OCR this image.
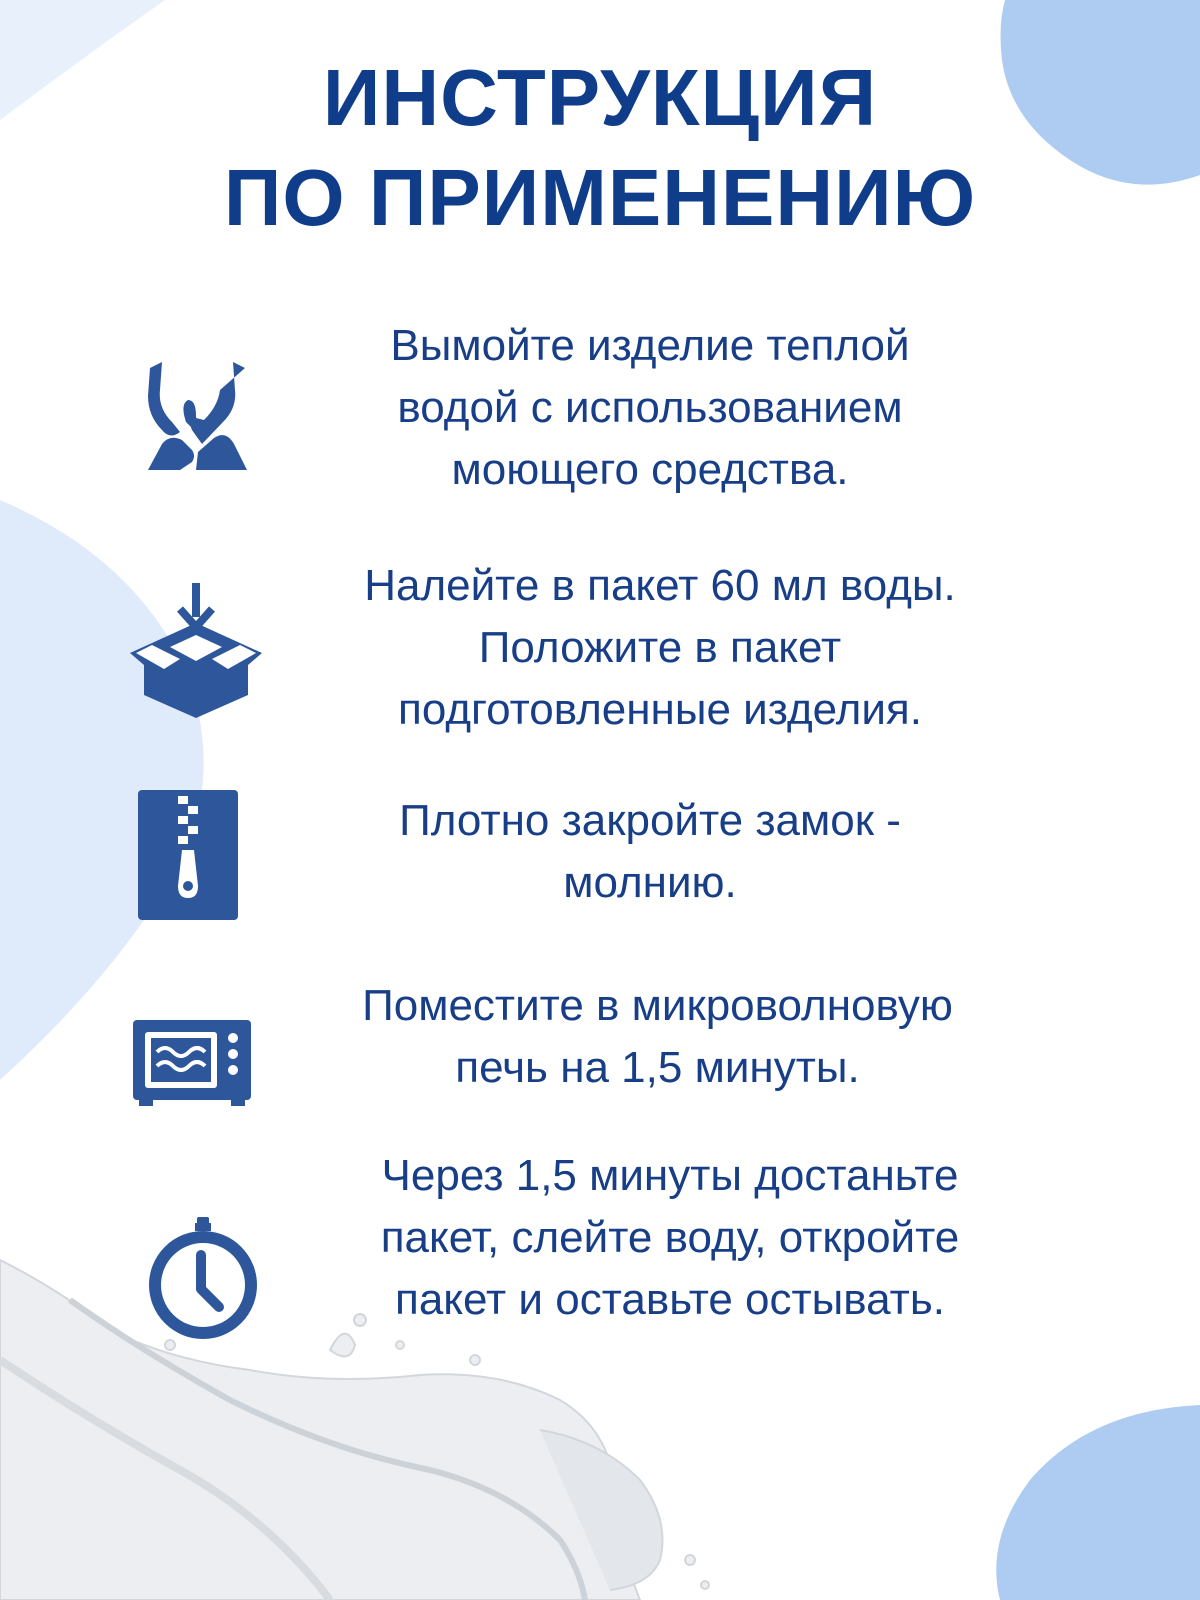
ИНСТРУКЦИЯ
ПО ПРИМЕНЕНИЮ

Вымойте изделие теплой
водой с использованием
моющего средства.

Налейте в пакет 60 мл воды.
Положите в пакет
подготовленные изделия.

Плотно закройте замок -
молнию.

Поместите в микроволновую
печь на 1,5 минуты.

Через 1,5 минуты достаньте
пакет, слейте воду, откройте
пакет и оставьте остывать.
